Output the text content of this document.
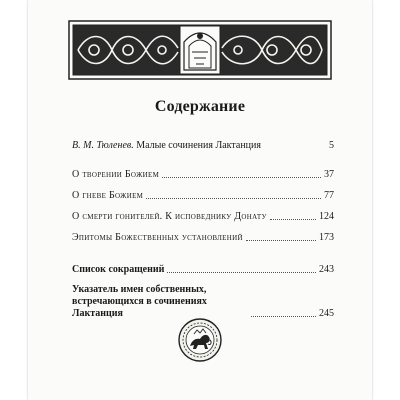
Содержание
В. М. Тюленев. Малые сочинения Лактанция	5
О творении Божием	37
О гневе Божием	77
О смерти гонителей. К исповеднику Донату	124
Эпитомы Божественных установлений	173
Список сокращений	243
Указатель имен собственных, встречающихся в сочинениях Лактанция	245
